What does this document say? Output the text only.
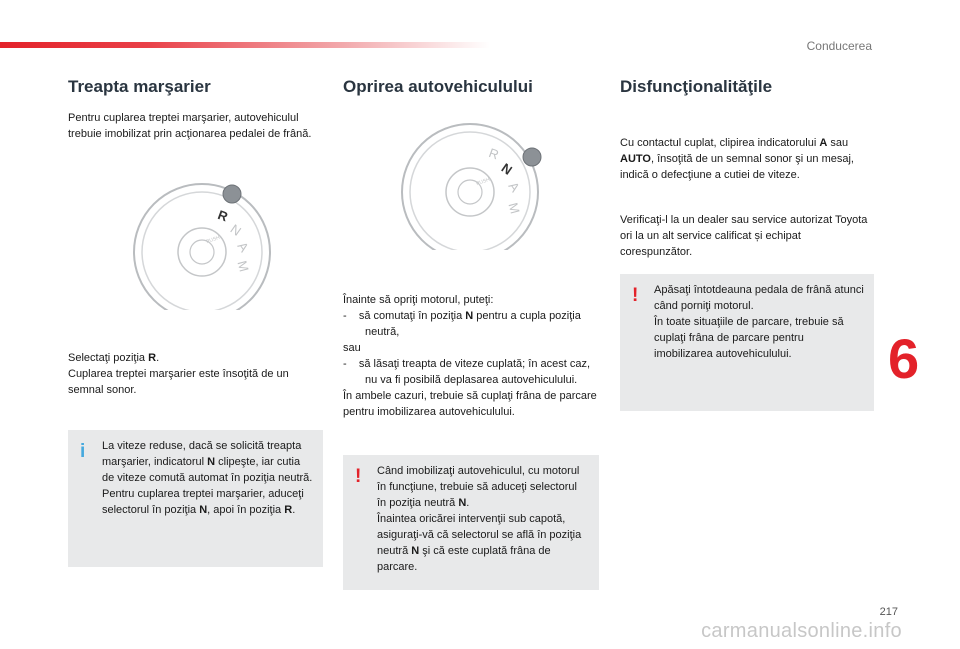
Conducerea
Treapta marşarier

Pentru cuplarea treptei marşarier, autovehiculul trebuie imobilizat prin acţionarea pedalei de frână.

R
N
A
M
PUSH

Selectaţi poziţia R.
Cuplarea treptei marşarier este însoţită de un semnal sonor.

i La viteze reduse, dacă se solicită treapta marşarier, indicatorul N clipeşte, iar cutia de viteze comută automat în poziţia neutră. Pentru cuplarea treptei marşarier, aduceţi selectorul în poziţia N, apoi în poziţia R.
Oprirea autovehiculului
R
N
A
M
PUSH

Înainte să opriţi motorul, puteţi:

-    să comutaţi în poziţia N pentru a cupla poziţia neutră,
sau

-    să lăsaţi treapta de viteze cuplată; în acest caz, nu va fi posibilă deplasarea autovehiculului.
În ambele cazuri, trebuie să cuplaţi frâna de parcare pentru imobilizarea autovehiculului.

! Când imobilizaţi autovehiculul, cu motorul în funcţiune, trebuie să aduceţi selectorul în poziţia neutră N.
Înaintea oricărei intervenţii sub capotă, asiguraţi-vă că selectorul se află în poziţia neutră N şi că este cuplată frâna de parcare.
Disfuncţionalităţile

Cu contactul cuplat, clipirea indicatorului A sau AUTO, însoţită de un semnal sonor şi un mesaj, indică o defecţiune a cutiei de viteze.

Verificaţi-l la un dealer sau service autorizat Toyota ori la un alt service calificat și echipat corespunzător.

! Apăsaţi întotdeauna pedala de frână atunci când porniţi motorul.
În toate situaţiile de parcare, trebuie să cuplaţi frâna de parcare pentru imobilizarea autovehiculului.	6
217
carmanualsonline.info
